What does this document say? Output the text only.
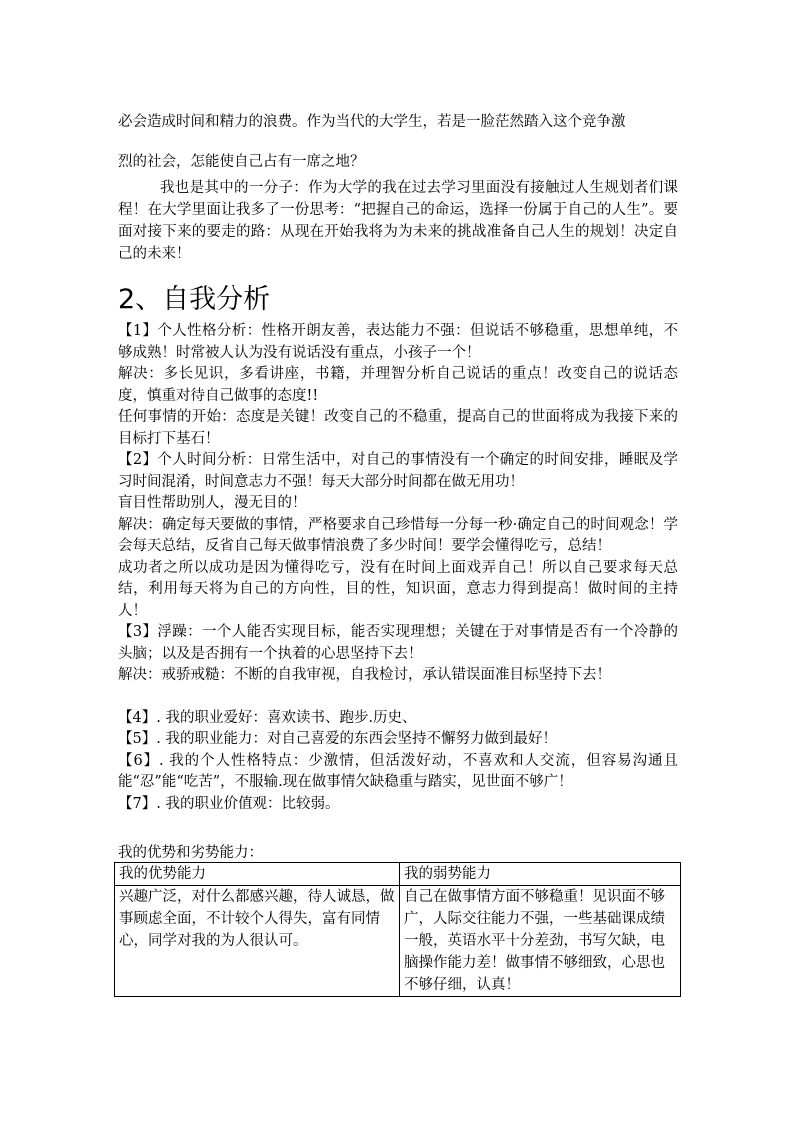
必会造成时间和精力的浪费。作为当代的大学生，若是一脸茫然踏入这个竞争激

烈的社会，怎能使自己占有一席之地？

我也是其中的一分子：作为大学的我在过去学习里面没有接触过人生规划者们课程！在大学里面让我多了一份思考：“把握自己的命运，选择一份属于自己的人生”。要面对接下来的要走的路：从现在开始我将为为未来的挑战准备自己人生的规划！决定自己的未来！

2、自我分析

【1】个人性格分析：性格开朗友善，表达能力不强：但说话不够稳重，思想单纯，不够成熟！时常被人认为没有说话没有重点，小孩子一个！

解决：多长见识，多看讲座，书籍，并理智分析自己说话的重点！改变自己的说话态度，慎重对待自己做事的态度!!

任何事情的开始：态度是关键！改变自己的不稳重，提高自己的世面将成为我接下来的目标打下基石！

【2】个人时间分析：日常生活中，对自己的事情没有一个确定的时间安排，睡眠及学习时间混淆，时间意志力不强！每天大部分时间都在做无用功！

盲目性帮助别人，漫无目的！

解决：确定每天要做的事情，严格要求自己珍惜每一分每一秒·确定自己的时间观念！学会每天总结，反省自己每天做事情浪费了多少时间！要学会懂得吃亏，总结！

成功者之所以成功是因为懂得吃亏，没有在时间上面戏弄自己！所以自己要求每天总结，利用每天将为自己的方向性，目的性，知识面，意志力得到提高！做时间的主持人！

【3】浮躁：一个人能否实现目标，能否实现理想；关键在于对事情是否有一个冷静的头脑；以及是否拥有一个执着的心思坚持下去！

解决：戒骄戒糙：不断的自我审视，自我检讨，承认错误面准目标坚持下去！

【4】. 我的职业爱好：喜欢读书、跑步.历史、

【5】. 我的职业能力：对自己喜爱的东西会坚持不懈努力做到最好！

【6】. 我的个人性格特点：少激情，但活泼好动，不喜欢和人交流，但容易沟通且能“忍”能“吃苦”，不服输.现在做事情欠缺稳重与踏实，见世面不够广！

【7】. 我的职业价值观：比较弱。

我的优势和劣势能力：

我的优势能力	我的弱势能力
兴趣广泛，对什么都感兴趣，待人诚恳，做事顾虑全面，不计较个人得失，富有同情心，同学对我的为人很认可。	自己在做事情方面不够稳重！见识面不够广，人际交往能力不强，一些基础课成绩一般，英语水平十分差劲，书写欠缺，电脑操作能力差！做事情不够细致，心思也不够仔细，认真！
